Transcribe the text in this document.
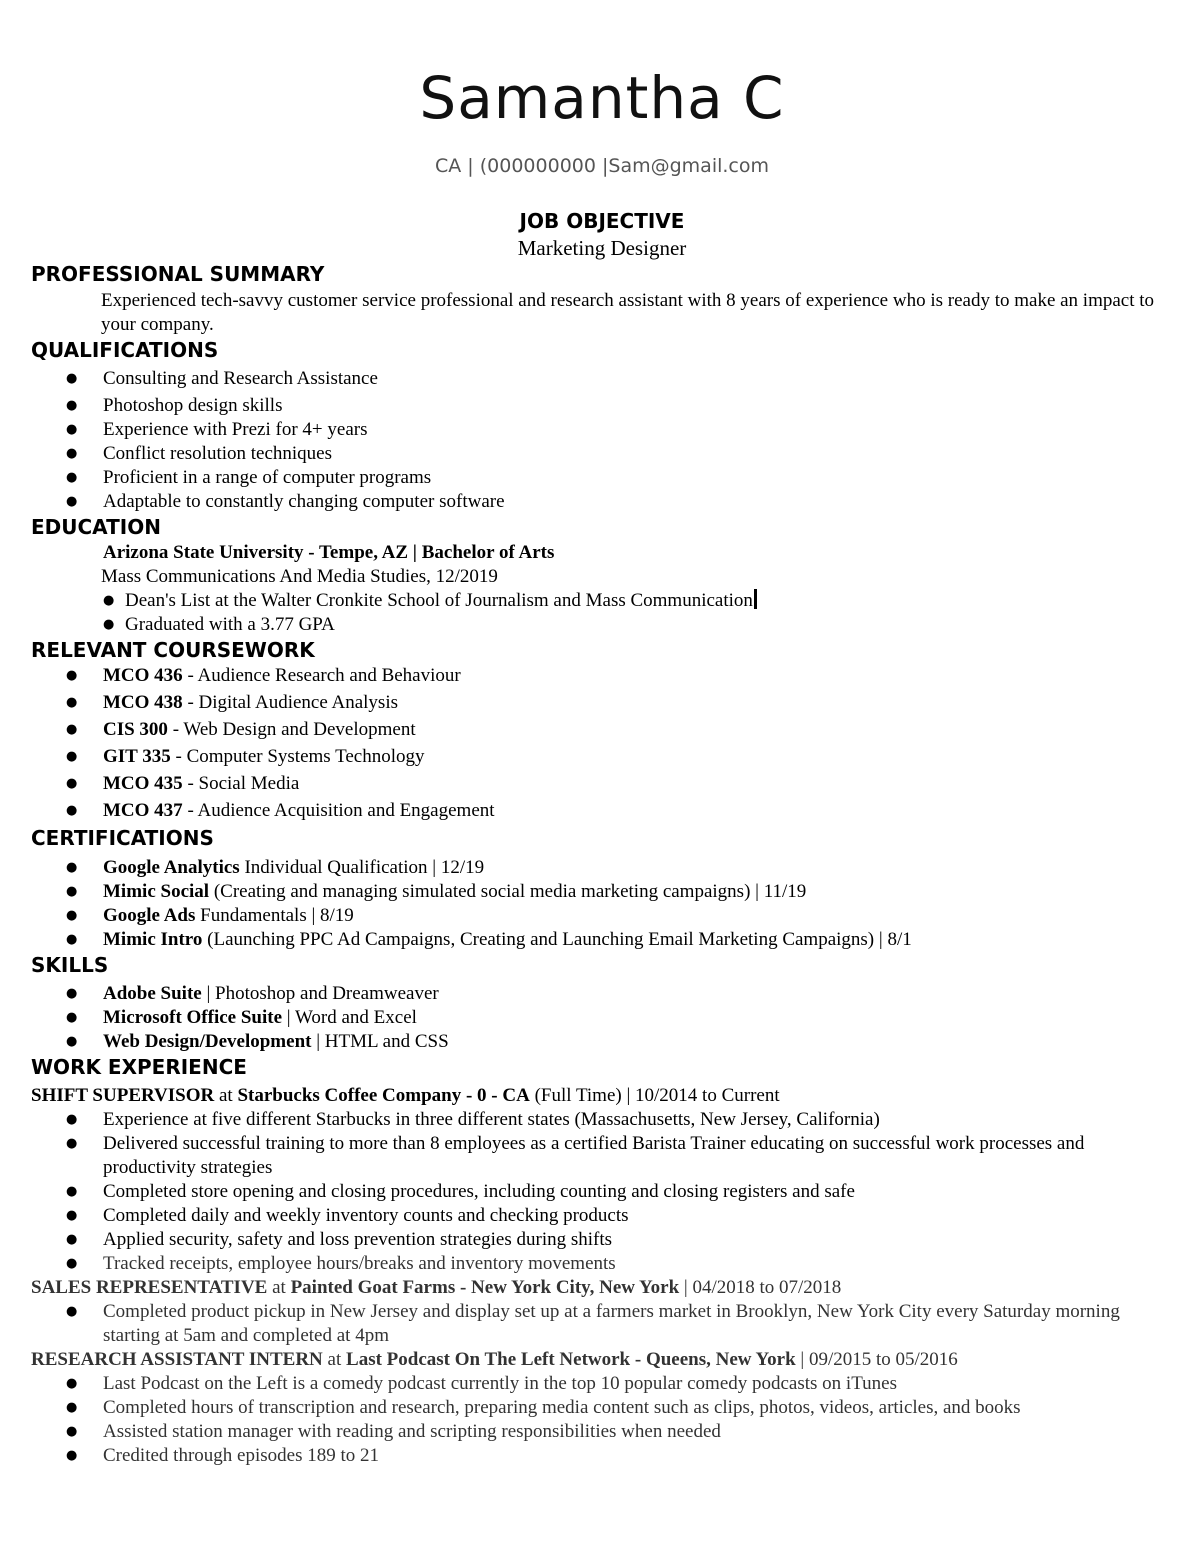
Samantha C
CA | (000000000 |Sam@gmail.com
JOB OBJECTIVE
Marketing Designer
PROFESSIONAL SUMMARY
Experienced tech-savvy customer service professional and research assistant with 8 years of experience who is ready to make an impact to your company.
QUALIFICATIONS
● Consulting and Research Assistance
● Photoshop design skills
● Experience with Prezi for 4+ years
● Conflict resolution techniques
● Proficient in a range of computer programs
● Adaptable to constantly changing computer software
EDUCATION
Arizona State University - Tempe, AZ | Bachelor of Arts
Mass Communications And Media Studies, 12/2019
● Dean's List at the Walter Cronkite School of Journalism and Mass Communication
● Graduated with a 3.77 GPA
RELEVANT COURSEWORK
● MCO 436 - Audience Research and Behaviour
● MCO 438 - Digital Audience Analysis
● CIS 300 - Web Design and Development
● GIT 335 - Computer Systems Technology
● MCO 435 - Social Media
● MCO 437 - Audience Acquisition and Engagement
CERTIFICATIONS
● Google Analytics Individual Qualification | 12/19
● Mimic Social (Creating and managing simulated social media marketing campaigns) | 11/19
● Google Ads Fundamentals | 8/19
● Mimic Intro (Launching PPC Ad Campaigns, Creating and Launching Email Marketing Campaigns) | 8/1
SKILLS
● Adobe Suite | Photoshop and Dreamweaver
● Microsoft Office Suite | Word and Excel
● Web Design/Development | HTML and CSS
WORK EXPERIENCE
SHIFT SUPERVISOR at Starbucks Coffee Company - 0 - CA (Full Time) | 10/2014 to Current
● Experience at five different Starbucks in three different states (Massachusetts, New Jersey, California)
● Delivered successful training to more than 8 employees as a certified Barista Trainer educating on successful work processes and productivity strategies
● Completed store opening and closing procedures, including counting and closing registers and safe
● Completed daily and weekly inventory counts and checking products
● Applied security, safety and loss prevention strategies during shifts
● Tracked receipts, employee hours/breaks and inventory movements
SALES REPRESENTATIVE at Painted Goat Farms - New York City, New York | 04/2018 to 07/2018
● Completed product pickup in New Jersey and display set up at a farmers market in Brooklyn, New York City every Saturday morning starting at 5am and completed at 4pm
RESEARCH ASSISTANT INTERN at Last Podcast On The Left Network - Queens, New York | 09/2015 to 05/2016
● Last Podcast on the Left is a comedy podcast currently in the top 10 popular comedy podcasts on iTunes
● Completed hours of transcription and research, preparing media content such as clips, photos, videos, articles, and books
● Assisted station manager with reading and scripting responsibilities when needed
● Credited through episodes 189 to 21
